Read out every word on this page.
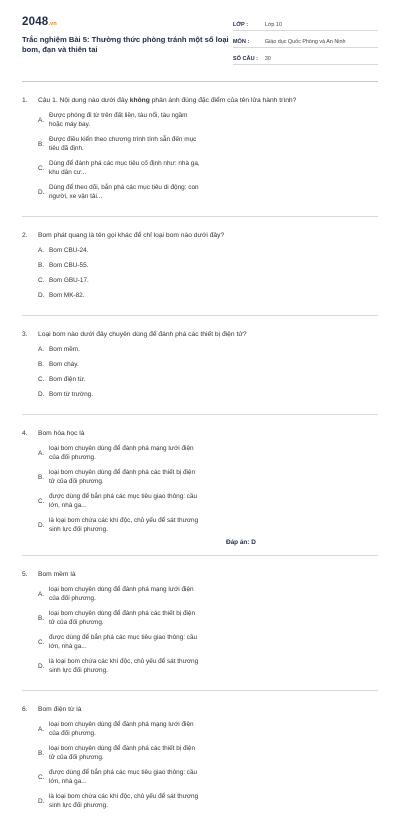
2048.vn
Trắc nghiệm Bài 5: Thường thức phòng tránh một số loại bom, đạn và thiên tai
LỚP :	Lớp 10
MÔN :	Giáo dục Quốc Phòng và An Ninh
SỐ CÂU :	30
1.	Câu 1. Nội dung nào dưới đây không phản ánh đúng đặc điểm của tên lửa hành trình?
A.
Được phóng đi từ trên đất liền, tàu nổi, tàu ngầm hoặc máy bay.
B.
Được điều kiển theo chương trình tính sẵn đến mục tiêu đã định.
C.
Dùng để đánh phá các mục tiêu cố định như: nhà ga, khu dân cư...
D.
Dùng để theo dõi, bắn phá các mục tiêu di động: con người, xe vận tải...
2.	Bom phát quang là tên gọi khác để chỉ loại bom nào dưới đây?
A. Bom CBU-24.
B. Bom CBU-55.
C. Bom GBU-17.
D. Bom MK-82.
3.	Loại bom nào dưới đây chuyên dùng để đánh phá các thiết bị điện tử?
A. Bom mềm.
B. Bom cháy.
C. Bom điện từ.
D. Bom từ trường.
4.	Bom hóa học là
A.
loại bom chuyên dùng để đánh phá mạng lưới điện của đối phương.
B.
loại bom chuyên dùng để đánh phá các thiết bị điện tử của đối phương.
C.
được dùng để bắn phá các mục tiêu giao thông: cầu lớn, nhà ga...
D.
là loại bom chứa các khí độc, chủ yếu để sát thương sinh lực đối phương.
Đáp án: D
5.	Bom mềm là
A.
loại bom chuyên dùng để đánh phá mạng lưới điện của đối phương.
B.
loại bom chuyên dùng để đánh phá các thiết bị điện tử của đối phương.
C.
được dùng để bắn phá các mục tiêu giao thông: cầu lớn, nhà ga...
D.
là loại bom chứa các khí độc, chủ yếu để sát thương sinh lực đối phương.
6.	Bom điện từ là
A.
loại bom chuyên dùng để đánh phá mạng lưới điện của đối phương.
B.
loại bom chuyên dùng để đánh phá các thiết bị điện tử của đối phương.
C.
được dùng để bắn phá các mục tiêu giao thông: cầu lớn, nhà ga...
D.
là loại bom chứa các khí độc, chủ yếu để sát thương sinh lực đối phương.
